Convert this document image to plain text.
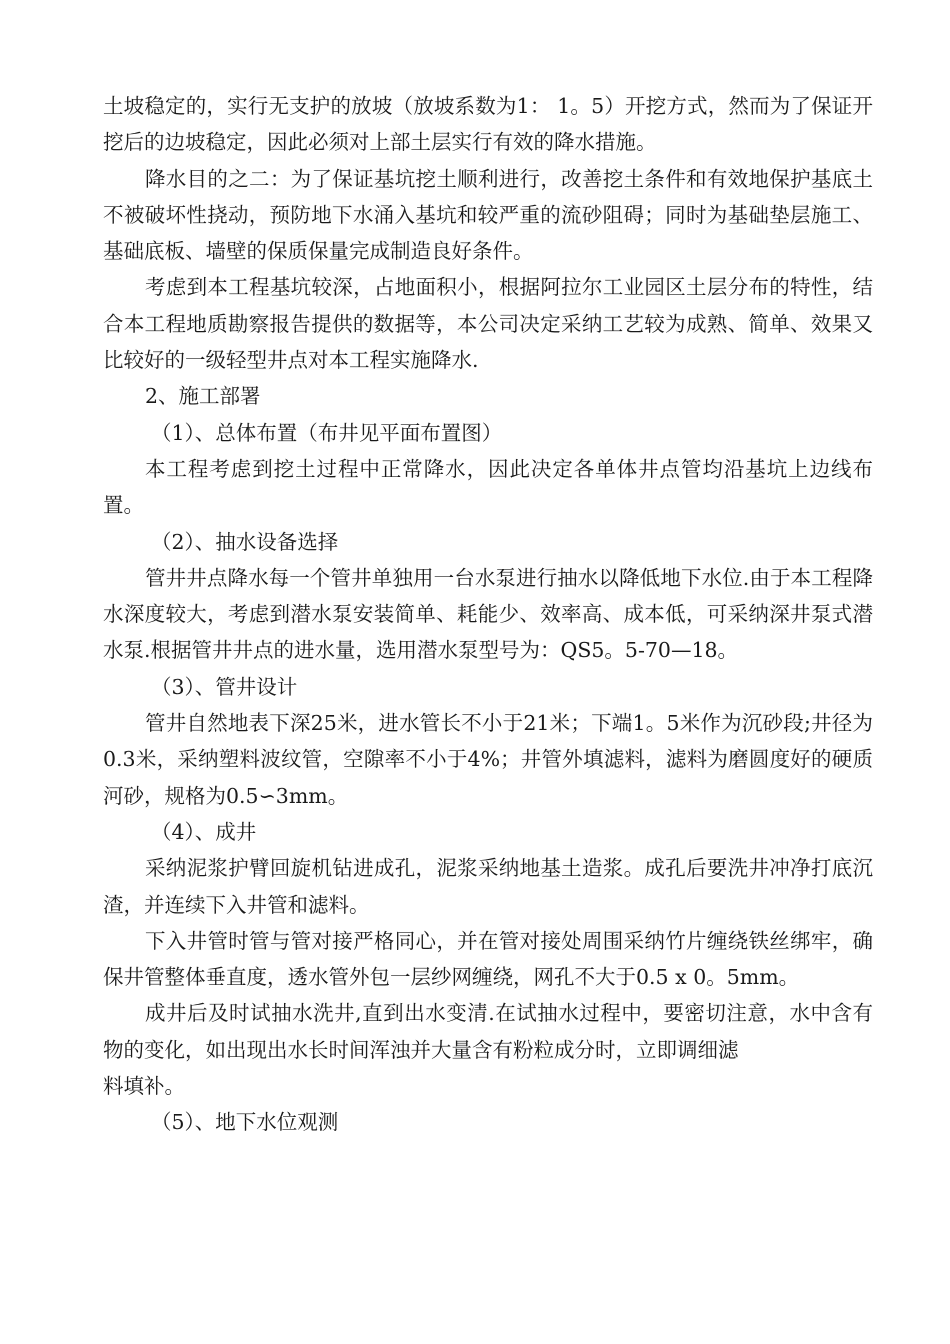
土坡稳定的，实行无支护的放坡（放坡系数为1： 1。5）开挖方式，然而为了保证开挖后的边坡稳定，因此必须对上部土层实行有效的降水措施。

降水目的之二：为了保证基坑挖土顺利进行，改善挖土条件和有效地保护基底土不被破坏性挠动，预防地下水涌入基坑和较严重的流砂阻碍；同时为基础垫层施工、基础底板、墙壁的保质保量完成制造良好条件。

考虑到本工程基坑较深，占地面积小，根据阿拉尔工业园区土层分布的特性，结合本工程地质勘察报告提供的数据等，本公司决定采纳工艺较为成熟、简单、效果又比较好的一级轻型井点对本工程实施降水.

2、施工部署

（1）、总体布置（布井见平面布置图）

本工程考虑到挖土过程中正常降水，因此决定各单体井点管均沿基坑上边线布置。

（2）、抽水设备选择

管井井点降水每一个管井单独用一台水泵进行抽水以降低地下水位.由于本工程降水深度较大，考虑到潜水泵安装简单、耗能少、效率高、成本低，可采纳深井泵式潜水泵.根据管井井点的进水量，选用潜水泵型号为：QS5。5-70—18。

（3）、管井设计

管井自然地表下深25米，进水管长不小于21米；下端1。5米作为沉砂段;井径为0.3米，采纳塑料波纹管，空隙率不小于4%；井管外填滤料，滤料为磨圆度好的硬质河砂，规格为0.5∽3mm。

（4）、成井

采纳泥浆护臂回旋机钻进成孔，泥浆采纳地基土造浆。成孔后要洗井冲净打底沉渣，并连续下入井管和滤料。

下入井管时管与管对接严格同心，并在管对接处周围采纳竹片缠绕铁丝绑牢，确保井管整体垂直度，透水管外包一层纱网缠绕，网孔不大于0.5 x 0。5mm。

成井后及时试抽水洗井,直到出水变清.在试抽水过程中，要密切注意，水中含有物的变化，如出现出水长时间浑浊并大量含有粉粒成分时，立即调细滤

料填补。

（5）、地下水位观测
